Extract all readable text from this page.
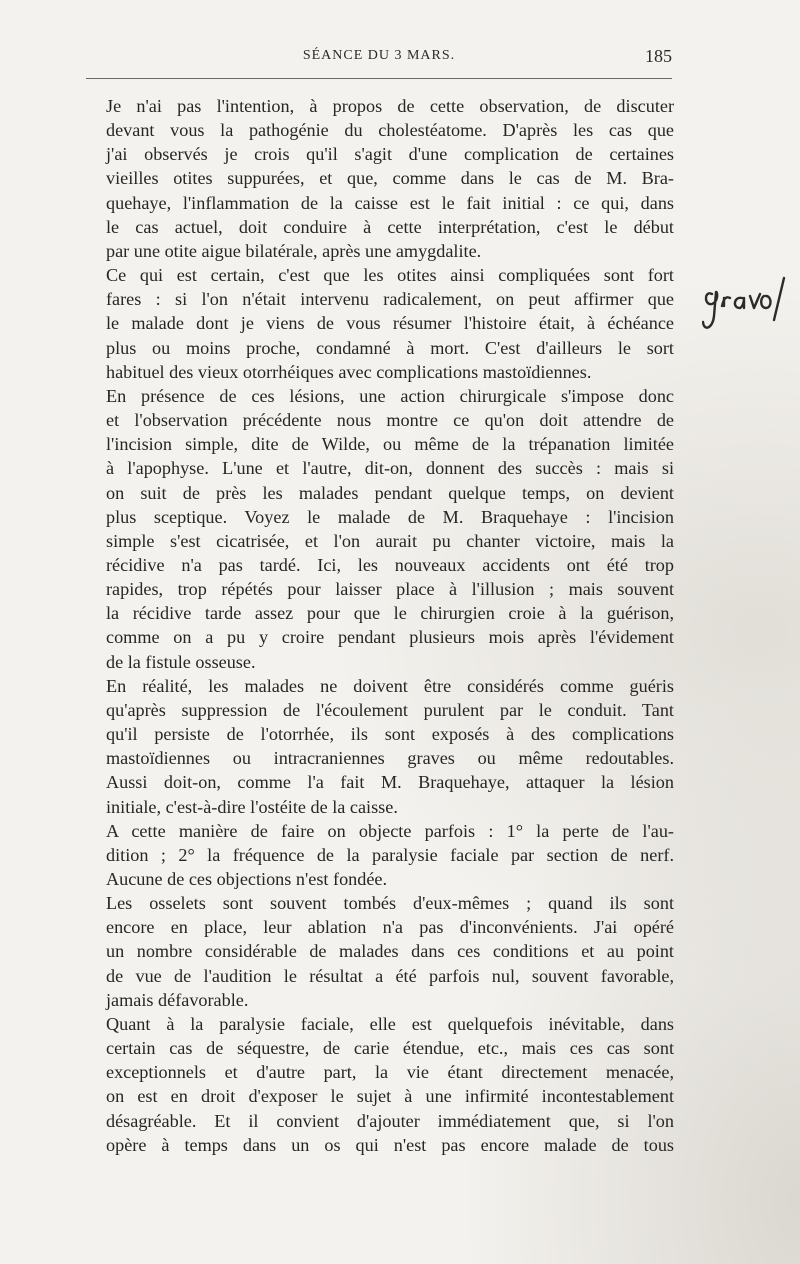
SÉANCE DU 3 MARS.	185
Je n'ai pas l'intention, à propos de cette observation, de discuter
devant vous la pathogénie du cholestéatome. D'après les cas que
j'ai observés je crois qu'il s'agit d'une complication de certaines
vieilles otites suppurées, et que, comme dans le cas de M. Bra-
quehaye, l'inflammation de la caisse est le fait initial : ce qui, dans
le cas actuel, doit conduire à cette interprétation, c'est le début
par une otite aigue bilatérale, après une amygdalite.
Ce qui est certain, c'est que les otites ainsi compliquées sont fort
fares : si l'on n'était intervenu radicalement, on peut affirmer que
le malade dont je viens de vous résumer l'histoire était, à échéance
plus ou moins proche, condamné à mort. C'est d'ailleurs le sort
habituel des vieux otorrhéiques avec complications mastoïdiennes.
En présence de ces lésions, une action chirurgicale s'impose donc
et l'observation précédente nous montre ce qu'on doit attendre de
l'incision simple, dite de Wilde, ou même de la trépanation limitée
à l'apophyse. L'une et l'autre, dit-on, donnent des succès : mais si
on suit de près les malades pendant quelque temps, on devient
plus sceptique. Voyez le malade de M. Braquehaye : l'incision
simple s'est cicatrisée, et l'on aurait pu chanter victoire, mais la
récidive n'a pas tardé. Ici, les nouveaux accidents ont été trop
rapides, trop répétés pour laisser place à l'illusion ; mais souvent
la récidive tarde assez pour que le chirurgien croie à la guérison,
comme on a pu y croire pendant plusieurs mois après l'évidement
de la fistule osseuse.
En réalité, les malades ne doivent être considérés comme guéris
qu'après suppression de l'écoulement purulent par le conduit. Tant
qu'il persiste de l'otorrhée, ils sont exposés à des complications
mastoïdiennes ou intracraniennes graves ou même redoutables.
Aussi doit-on, comme l'a fait M. Braquehaye, attaquer la lésion
initiale, c'est-à-dire l'ostéite de la caisse.
A cette manière de faire on objecte parfois : 1° la perte de l'au-
dition ; 2° la fréquence de la paralysie faciale par section de nerf.
Aucune de ces objections n'est fondée.
Les osselets sont souvent tombés d'eux-mêmes ; quand ils sont
encore en place, leur ablation n'a pas d'inconvénients. J'ai opéré
un nombre considérable de malades dans ces conditions et au point
de vue de l'audition le résultat a été parfois nul, souvent favorable,
jamais défavorable.
Quant à la paralysie faciale, elle est quelquefois inévitable, dans
certain cas de séquestre, de carie étendue, etc., mais ces cas sont
exceptionnels et d'autre part, la vie étant directement menacée,
on est en droit d'exposer le sujet à une infirmité incontestablement
désagréable. Et il convient d'ajouter immédiatement que, si l'on
opère à temps dans un os qui n'est pas encore malade de tous
